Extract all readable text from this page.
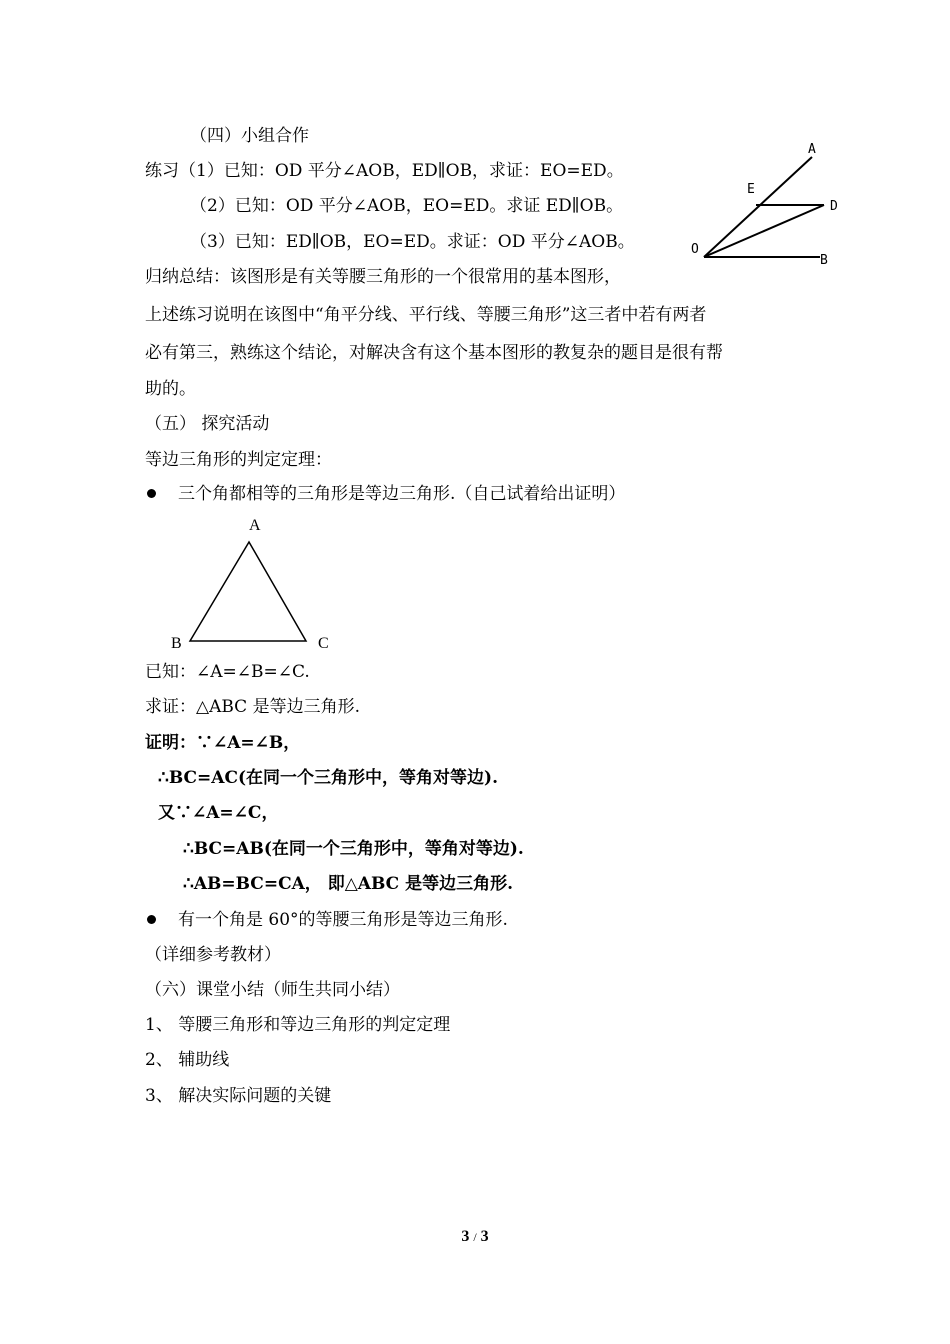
（四）小组合作
练习（1）已知：OD 平分∠AOB，ED∥OB，求证：EO=ED。
（2）已知：OD 平分∠AOB，EO=ED。求证 ED∥OB。
（3）已知：ED∥OB，EO=ED。求证：OD 平分∠AOB。
归纳总结：该图形是有关等腰三角形的一个很常用的基本图形，
上述练习说明在该图中“角平分线、平行线、等腰三角形”这三者中若有两者
必有第三，熟练这个结论，对解决含有这个基本图形的教复杂的题目是很有帮
助的。
A
E
D
O
B
（五） 探究活动
等边三角形的判定定理：
三个角都相等的三角形是等边三角形.（自己试着给出证明）
A
B	C
已知：∠A=∠B=∠C.
求证：△ABC 是等边三角形.
证明：∵∠A=∠B，
∴BC=AC(在同一个三角形中，等角对等边).
又∵∠A=∠C，
∴BC=AB(在同一个三角形中，等角对等边).
∴AB=BC=CA， 即△ABC 是等边三角形.
有一个角是 60°的等腰三角形是等边三角形.
（详细参考教材）
（六）课堂小结（师生共同小结）
1、 等腰三角形和等边三角形的判定定理
2、 辅助线
3、 解决实际问题的关键
3 / 3
